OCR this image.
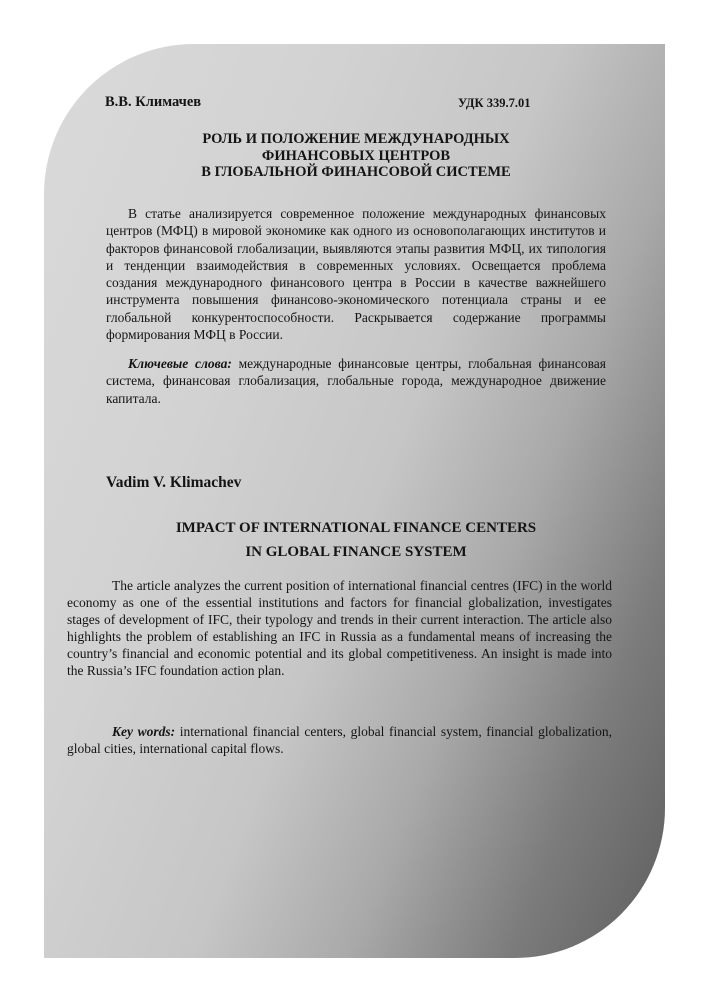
В.В. Климачев	УДК 339.7.01

РОЛЬ И ПОЛОЖЕНИЕ МЕЖДУНАРОДНЫХ
ФИНАНСОВЫХ ЦЕНТРОВ
В ГЛОБАЛЬНОЙ ФИНАНСОВОЙ СИСТЕМЕ

В статье анализируется современное положение международных финансовых центров (МФЦ) в мировой экономике как одного из основополагающих институтов и факторов финансовой глобализации, выявляются этапы развития МФЦ, их типология и тенденции взаимодействия в современных условиях. Освещается проблема создания международного финансового центра в России в качестве важнейшего инструмента повышения финансово-экономического потенциала страны и ее глобальной конкурентоспособности. Раскрывается содержание программы формирования МФЦ в России.

Ключевые слова: международные финансовые центры, глобальная финансовая система, финансовая глобализация, глобальные города, международное движение капитала.

Vadim V. Klimachev

IMPACT OF INTERNATIONAL FINANCE CENTERS
IN GLOBAL FINANCE SYSTEM

The article analyzes the current position of international financial centres (IFC) in the world economy as one of the essential institutions and factors for financial globalization, investigates stages of development of IFC, their typology and trends in their current interaction. The article also highlights the problem of establishing an IFC in Russia as a fundamental means of increasing the country’s financial and economic potential and its global competitiveness. An insight is made into the Russia’s IFC foundation action plan.

Key words: international financial centers, global financial system, financial globalization, global cities, international capital flows.
